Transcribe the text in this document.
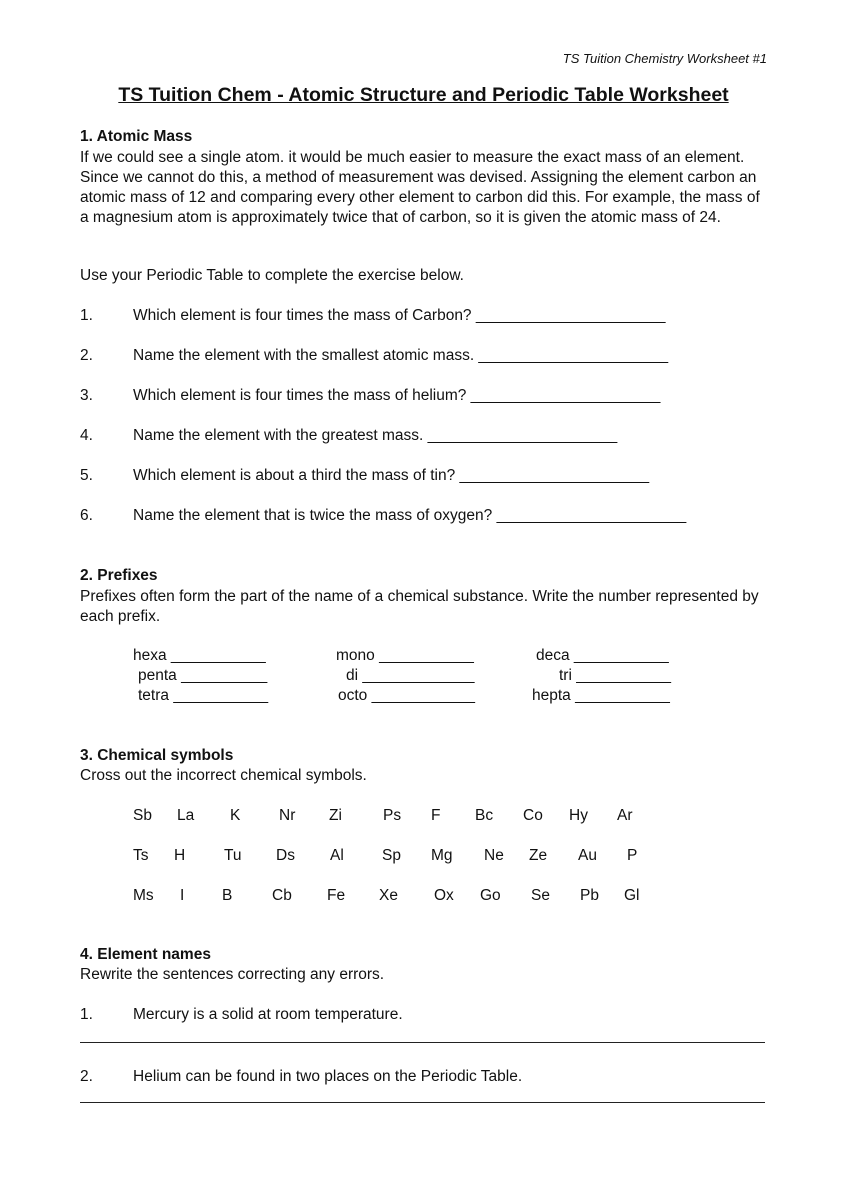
TS Tuition Chemistry Worksheet #1
TS Tuition Chem - Atomic Structure and Periodic Table Worksheet
1. Atomic Mass
If we could see a single atom. it would be much easier to measure the exact mass of an element. Since we cannot do this, a method of measurement was devised. Assigning the element carbon an atomic mass of 12 and comparing every other element to carbon did this. For example, the mass of a magnesium atom is approximately twice that of carbon, so it is given the atomic mass of 24.
Use your Periodic Table to complete the exercise below.
1.	Which element is four times the mass of Carbon? ______________________
2.	Name the element with the smallest atomic mass. ______________________
3.	Which element is four times the mass of helium? ______________________
4.	Name the element with the greatest mass. ______________________
5.	Which element is about a third the mass of tin? ______________________
6.	Name the element that is twice the mass of oxygen? ______________________
2. Prefixes
Prefixes often form the part of the name of a chemical substance. Write the number represented by each prefix.
hexa ___________	mono ___________	deca ___________
penta __________	di _____________	tri ___________
tetra ___________	octo ____________	hepta ___________
3. Chemical symbols
Cross out the incorrect chemical symbols.
Sb La K Nr Zi	Ps F Bc Co Hy Ar
Ts H	Tu Ds Al Sp Mg Ne Ze Au P
Ms I B	Cb Fe Xe Ox Go Se Pb Gl
4. Element names
Rewrite the sentences correcting any errors.
1.	Mercury is a solid at room temperature.
2.	Helium can be found in two places on the Periodic Table.
